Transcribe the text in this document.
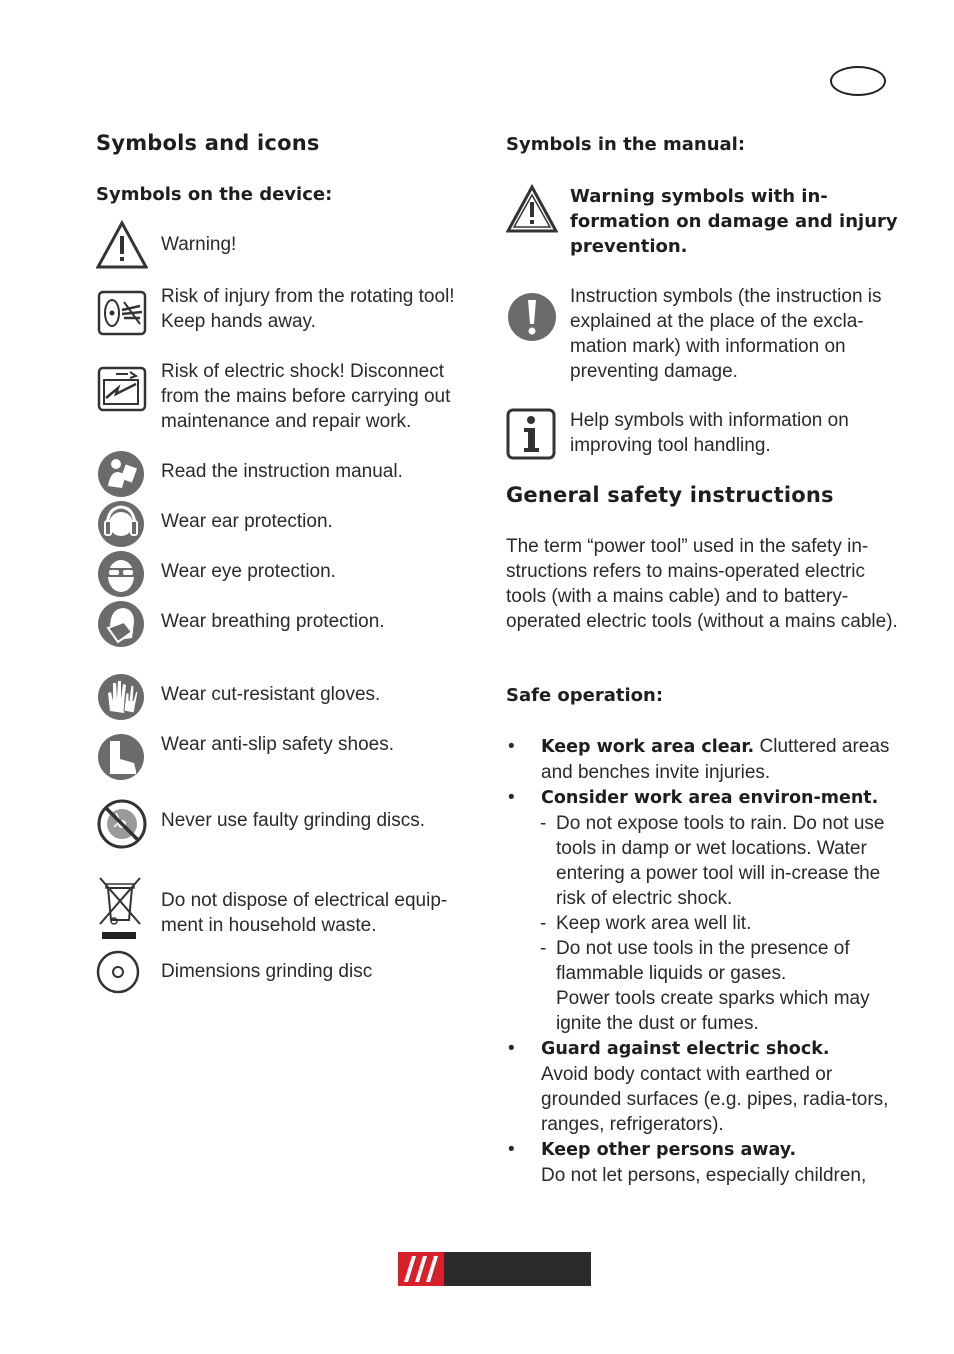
Symbols and icons
Symbols on the device:
Warning!
Risk of injury from the rotating tool! Keep hands away.
Risk of electric shock! Disconnect from the mains before carrying out maintenance and repair work.
Read the instruction manual.
Wear ear protection.
Wear eye protection.
Wear breathing protection.
Wear cut-resistant gloves.
Wear anti-slip safety shoes.
Never use faulty grinding discs.
Do not dispose of electrical equip-ment in household waste.
Dimensions grinding disc
Symbols in the manual:
Warning symbols with in-formation on damage and injury prevention.
Instruction symbols (the instruction is explained at the place of the excla-mation mark) with information on preventing damage.
Help symbols with information on improving tool handling.
General safety instructions
The term “power tool” used in the safety in-structions refers to mains-operated electric tools (with a mains cable) and to battery-operated electric tools (without a mains cable).
Safe operation:
• Keep work area clear. Cluttered areas and benches invite injuries.
• Consider work area environ-ment.
- Do not expose tools to rain. Do not use tools in damp or wet locations. Water entering a power tool will in-crease the risk of electric shock.
- Keep work area well lit.
- Do not use tools in the presence of flammable liquids or gases.
Power tools create sparks which may ignite the dust or fumes.
• Guard against electric shock.
Avoid body contact with earthed or grounded surfaces (e.g. pipes, radia-tors, ranges, refrigerators).
• Keep other persons away.
Do not let persons, especially children,
